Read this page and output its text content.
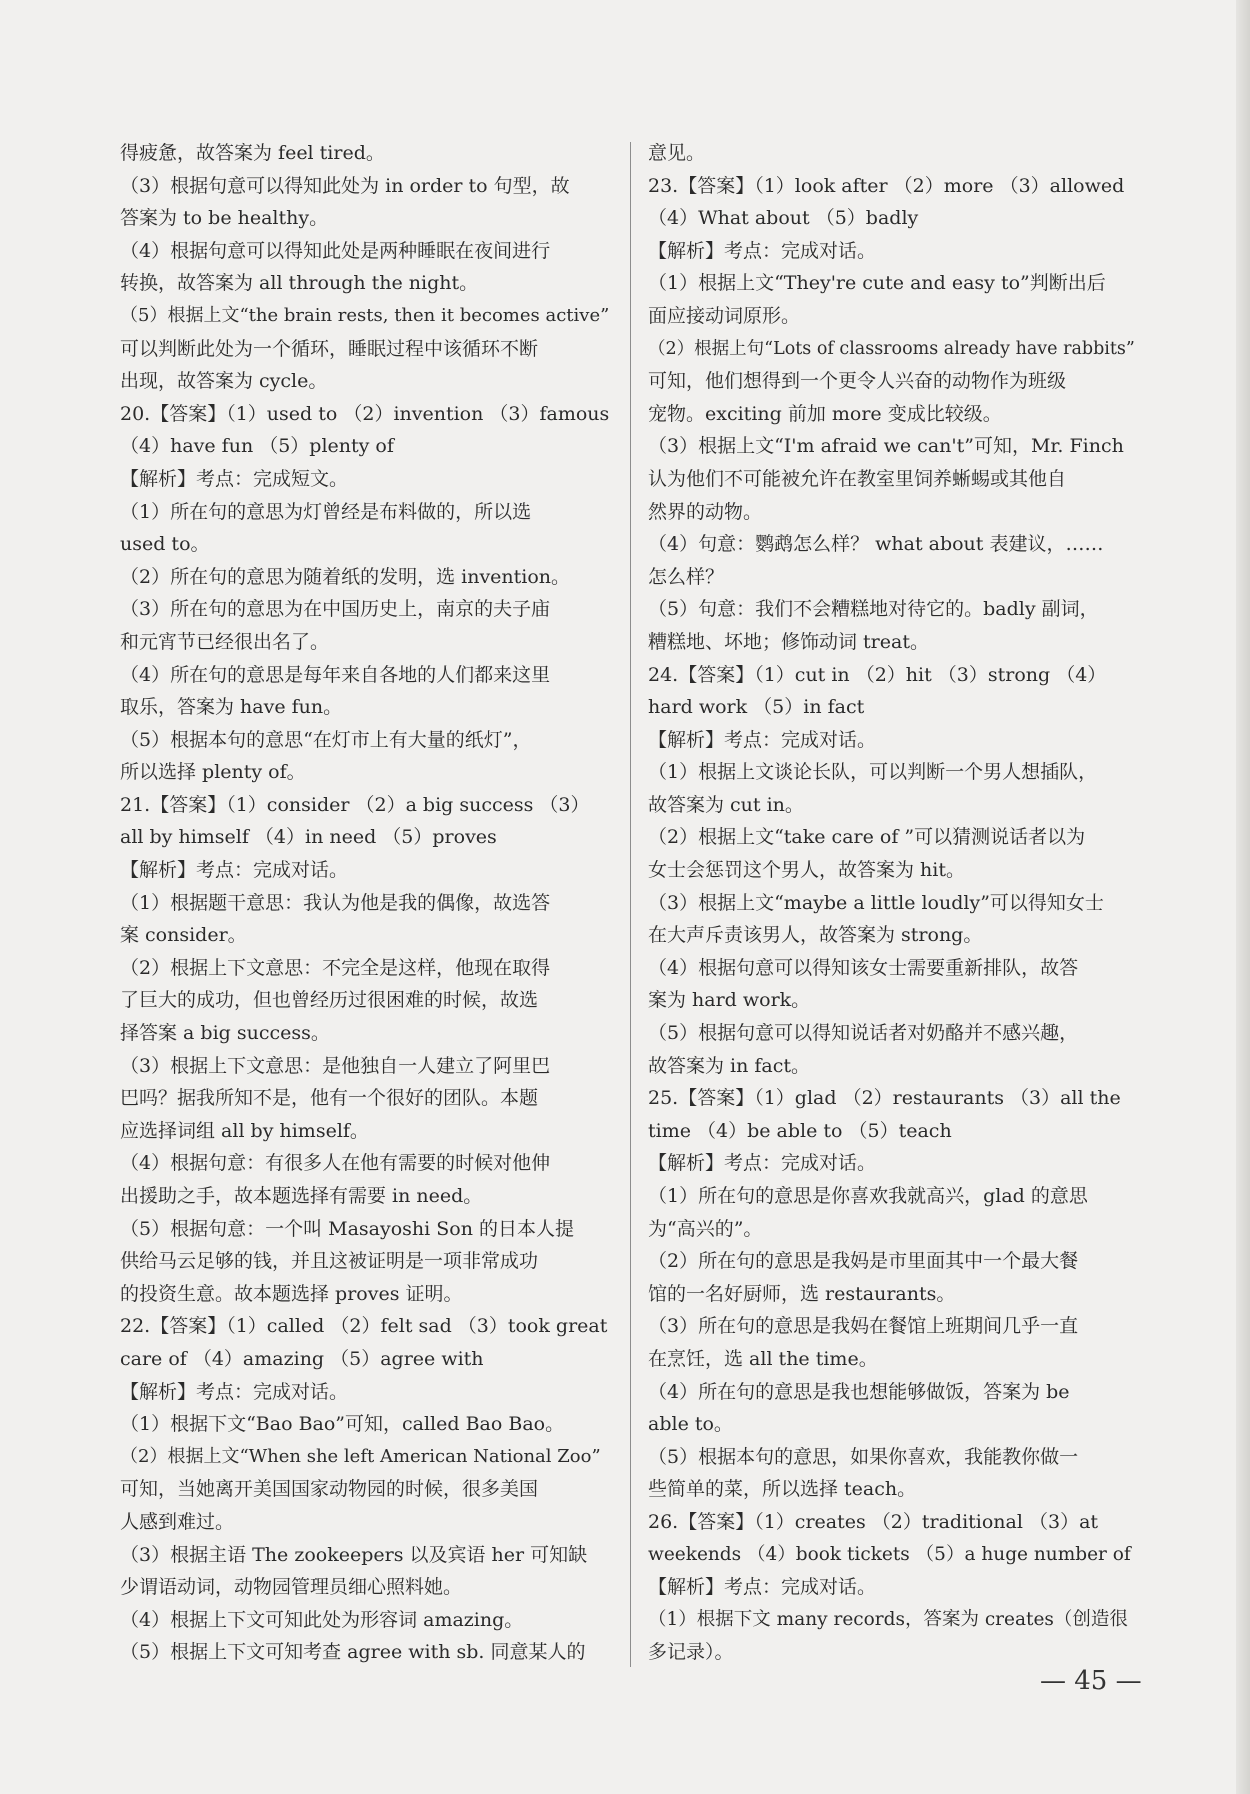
得疲惫，故答案为 feel tired。
（3）根据句意可以得知此处为 in order to 句型，故
答案为 to be healthy。
（4）根据句意可以得知此处是两种睡眠在夜间进行
转换，故答案为 all through the night。
（5）根据上文“the brain rests, then it becomes active”
可以判断此处为一个循环，睡眠过程中该循环不断
出现，故答案为 cycle。
20.【答案】（1）used to （2）invention （3）famous
（4）have fun （5）plenty of
【解析】考点：完成短文。
（1）所在句的意思为灯曾经是布料做的，所以选
used to。
（2）所在句的意思为随着纸的发明，选 invention。
（3）所在句的意思为在中国历史上，南京的夫子庙
和元宵节已经很出名了。
（4）所在句的意思是每年来自各地的人们都来这里
取乐，答案为 have fun。
（5）根据本句的意思“在灯市上有大量的纸灯”，
所以选择 plenty of。
21.【答案】（1）consider （2）a big success （3）
all by himself （4）in need （5）proves
【解析】考点：完成对话。
（1）根据题干意思：我认为他是我的偶像，故选答
案 consider。
（2）根据上下文意思：不完全是这样，他现在取得
了巨大的成功，但也曾经历过很困难的时候，故选
择答案 a big success。
（3）根据上下文意思：是他独自一人建立了阿里巴
巴吗？据我所知不是，他有一个很好的团队。本题
应选择词组 all by himself。
（4）根据句意：有很多人在他有需要的时候对他伸
出援助之手，故本题选择有需要 in need。
（5）根据句意：一个叫 Masayoshi Son 的日本人提
供给马云足够的钱，并且这被证明是一项非常成功
的投资生意。故本题选择 proves 证明。
22.【答案】（1）called （2）felt sad （3）took great
care of （4）amazing （5）agree with
【解析】考点：完成对话。
（1）根据下文“Bao Bao”可知，called Bao Bao。
（2）根据上文“When she left American National Zoo”
可知，当她离开美国国家动物园的时候，很多美国
人感到难过。
（3）根据主语 The zookeepers 以及宾语 her 可知缺
少谓语动词，动物园管理员细心照料她。
（4）根据上下文可知此处为形容词 amazing。
（5）根据上下文可知考查 agree with sb. 同意某人的
意见。
23.【答案】（1）look after （2）more （3）allowed
（4）What about （5）badly
【解析】考点：完成对话。
（1）根据上文“They're cute and easy to”判断出后
面应接动词原形。
（2）根据上句“Lots of classrooms already have rabbits”
可知，他们想得到一个更令人兴奋的动物作为班级
宠物。exciting 前加 more 变成比较级。
（3）根据上文“I'm afraid we can't”可知，Mr. Finch
认为他们不可能被允许在教室里饲养蜥蜴或其他自
然界的动物。
（4）句意：鹦鹉怎么样？ what about 表建议，……
怎么样？
（5）句意：我们不会糟糕地对待它的。badly 副词，
糟糕地、坏地；修饰动词 treat。
24.【答案】（1）cut in （2）hit （3）strong （4）
hard work （5）in fact
【解析】考点：完成对话。
（1）根据上文谈论长队，可以判断一个男人想插队，
故答案为 cut in。
（2）根据上文“take care of ”可以猜测说话者以为
女士会惩罚这个男人，故答案为 hit。
（3）根据上文“maybe a little loudly”可以得知女士
在大声斥责该男人，故答案为 strong。
（4）根据句意可以得知该女士需要重新排队，故答
案为 hard work。
（5）根据句意可以得知说话者对奶酪并不感兴趣，
故答案为 in fact。
25.【答案】（1）glad （2）restaurants （3）all the
time （4）be able to （5）teach
【解析】考点：完成对话。
（1）所在句的意思是你喜欢我就高兴，glad 的意思
为“高兴的”。
（2）所在句的意思是我妈是市里面其中一个最大餐
馆的一名好厨师，选 restaurants。
（3）所在句的意思是我妈在餐馆上班期间几乎一直
在烹饪，选 all the time。
（4）所在句的意思是我也想能够做饭，答案为 be
able to。
（5）根据本句的意思，如果你喜欢，我能教你做一
些简单的菜，所以选择 teach。
26.【答案】（1）creates （2）traditional （3）at
weekends （4）book tickets （5）a huge number of
【解析】考点：完成对话。
（1）根据下文 many records，答案为 creates（创造很
多记录）。
— 45 —
